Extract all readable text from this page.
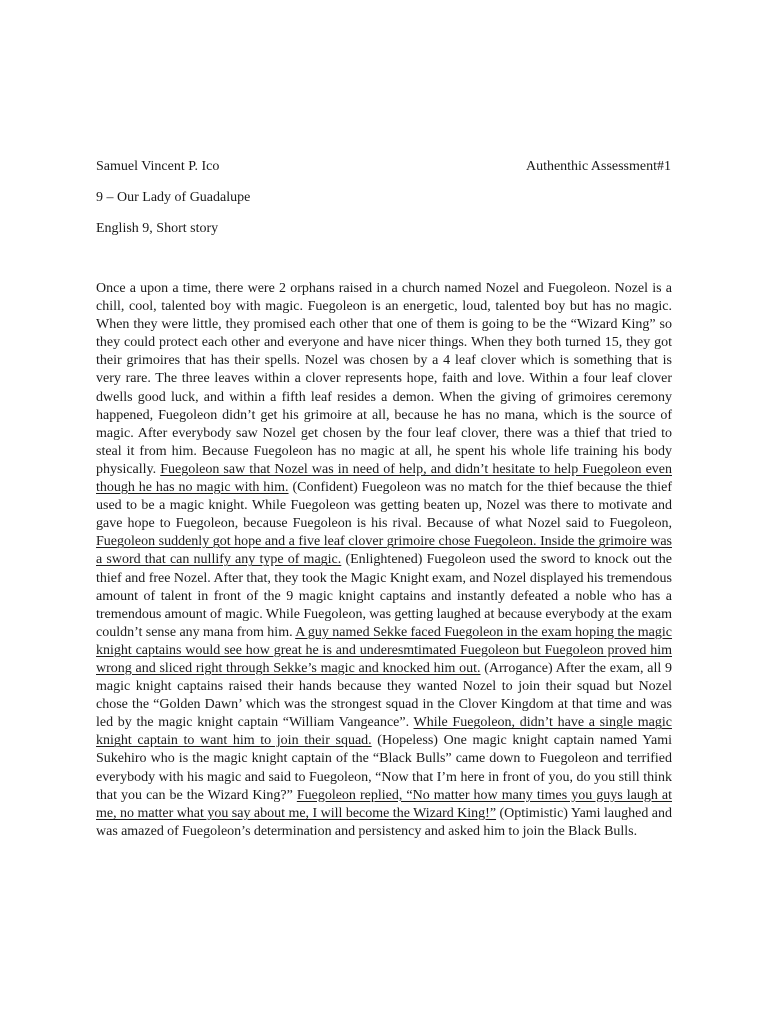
Samuel Vincent P. Ico	Authenthic Assessment#1
9 – Our Lady of Guadalupe
English 9, Short story
Once a upon a time, there were 2 orphans raised in a church named Nozel and Fuegoleon. Nozel is a chill, cool, talented boy with magic. Fuegoleon is an energetic, loud, talented boy but has no magic. When they were little, they promised each other that one of them is going to be the “Wizard King” so they could protect each other and everyone and have nicer things. When they both turned 15, they got their grimoires that has their spells. Nozel was chosen by a 4 leaf clover which is something that is very rare. The three leaves within a clover represents hope, faith and love. Within a four leaf clover dwells good luck, and within a fifth leaf resides a demon. When the giving of grimoires ceremony happened, Fuegoleon didn’t get his grimoire at all, because he has no mana, which is the source of magic. After everybody saw Nozel get chosen by the four leaf clover, there was a thief that tried to steal it from him. Because Fuegoleon has no magic at all, he spent his whole life training his body physically. Fuegoleon saw that Nozel was in need of help, and didn’t hesitate to help Fuegoleon even though he has no magic with him. (Confident) Fuegoleon was no match for the thief because the thief used to be a magic knight. While Fuegoleon was getting beaten up, Nozel was there to motivate and gave hope to Fuegoleon, because Fuegoleon is his rival. Because of what Nozel said to Fuegoleon, Fuegoleon suddenly got hope and a five leaf clover grimoire chose Fuegoleon. Inside the grimoire was a sword that can nullify any type of magic. (Enlightened) Fuegoleon used the sword to knock out the thief and free Nozel. After that, they took the Magic Knight exam, and Nozel displayed his tremendous amount of talent in front of the 9 magic knight captains and instantly defeated a noble who has a tremendous amount of magic. While Fuegoleon, was getting laughed at because everybody at the exam couldn’t sense any mana from him. A guy named Sekke faced Fuegoleon in the exam hoping the magic knight captains would see how great he is and underesmtimated Fuegoleon but Fuegoleon proved him wrong and sliced right through Sekke’s magic and knocked him out. (Arrogance) After the exam, all 9 magic knight captains raised their hands because they wanted Nozel to join their squad but Nozel chose the “Golden Dawn’ which was the strongest squad in the Clover Kingdom at that time and was led by the magic knight captain “William Vangeance”. While Fuegoleon, didn’t have a single magic knight captain to want him to join their squad. (Hopeless) One magic knight captain named Yami Sukehiro who is the magic knight captain of the “Black Bulls” came down to Fuegoleon and terrified everybody with his magic and said to Fuegoleon, “Now that I’m here in front of you, do you still think that you can be the Wizard King?” Fuegoleon replied, “No matter how many times you guys laugh at me, no matter what you say about me, I will become the Wizard King!” (Optimistic) Yami laughed and was amazed of Fuegoleon’s determination and persistency and asked him to join the Black Bulls.
